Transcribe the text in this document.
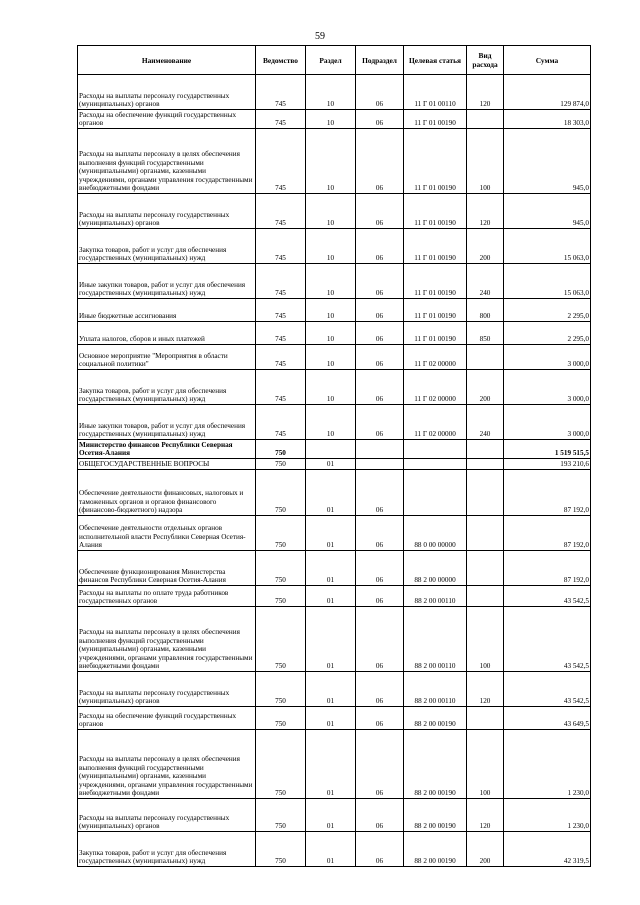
59
Наименование	Ведомство	Раздел	Подраздел	Целевая статья	Вид расхода	Сумма
Расходы на выплаты персоналу государственных (муниципальных) органов	745	10	06	11 Г 01 00110	120	129 874,0
Расходы на обеспечение функций государственных органов	745	10	06	11 Г 01 00190		18 303,0
Расходы на выплаты персоналу в целях обеспечения выполнения функций государственными (муниципальными) органами, казенными учреждениями, органами управления государственными внебюджетными фондами	745	10	06	11 Г 01 00190	100	945,0
Расходы на выплаты персоналу государственных (муниципальных) органов	745	10	06	11 Г 01 00190	120	945,0
Закупка товаров, работ и услуг для обеспечения государственных (муниципальных) нужд	745	10	06	11 Г 01 00190	200	15 063,0
Иные закупки товаров, работ и услуг для обеспечения государственных (муниципальных) нужд	745	10	06	11 Г 01 00190	240	15 063,0
Иные бюджетные ассигнования	745	10	06	11 Г 01 00190	800	2 295,0
Уплата налогов, сборов и иных платежей	745	10	06	11 Г 01 00190	850	2 295,0
Основное мероприятие "Мероприятия в области социальной политики"	745	10	06	11 Г 02 00000		3 000,0
Закупка товаров, работ и услуг для обеспечения государственных (муниципальных) нужд	745	10	06	11 Г 02 00000	200	3 000,0
Иные закупки товаров, работ и услуг для обеспечения государственных (муниципальных) нужд	745	10	06	11 Г 02 00000	240	3 000,0
Министерство финансов Республики Северная Осетия-Алания	750					1 519 515,5
ОБЩЕГОСУДАРСТВЕННЫЕ ВОПРОСЫ	750	01				193 210,6
Обеспечение деятельности финансовых, налоговых и таможенных органов и органов финансового (финансово-бюджетного) надзора	750	01	06			87 192,0
Обеспечение деятельности отдельных органов исполнительной власти Республики Северная Осетия-Алания	750	01	06	88 0 00 00000		87 192,0
Обеспечение функционирования Министерства финансов Республики Северная Осетия-Алания	750	01	06	88 2 00 00000		87 192,0
Расходы на выплаты по оплате труда работников государственных органов	750	01	06	88 2 00 00110		43 542,5
Расходы на выплаты персоналу в целях обеспечения выполнения функций государственными (муниципальными) органами, казенными учреждениями, органами управления государственными внебюджетными фондами	750	01	06	88 2 00 00110	100	43 542,5
Расходы на выплаты персоналу государственных (муниципальных) органов	750	01	06	88 2 00 00110	120	43 542,5
Расходы на обеспечение функций государственных органов	750	01	06	88 2 00 00190		43 649,5
Расходы на выплаты персоналу в целях обеспечения выполнения функций государственными (муниципальными) органами, казенными учреждениями, органами управления государственными внебюджетными фондами	750	01	06	88 2 00 00190	100	1 230,0
Расходы на выплаты персоналу государственных (муниципальных) органов	750	01	06	88 2 00 00190	120	1 230,0
Закупка товаров, работ и услуг для обеспечения государственных (муниципальных) нужд	750	01	06	88 2 00 00190	200	42 319,5
